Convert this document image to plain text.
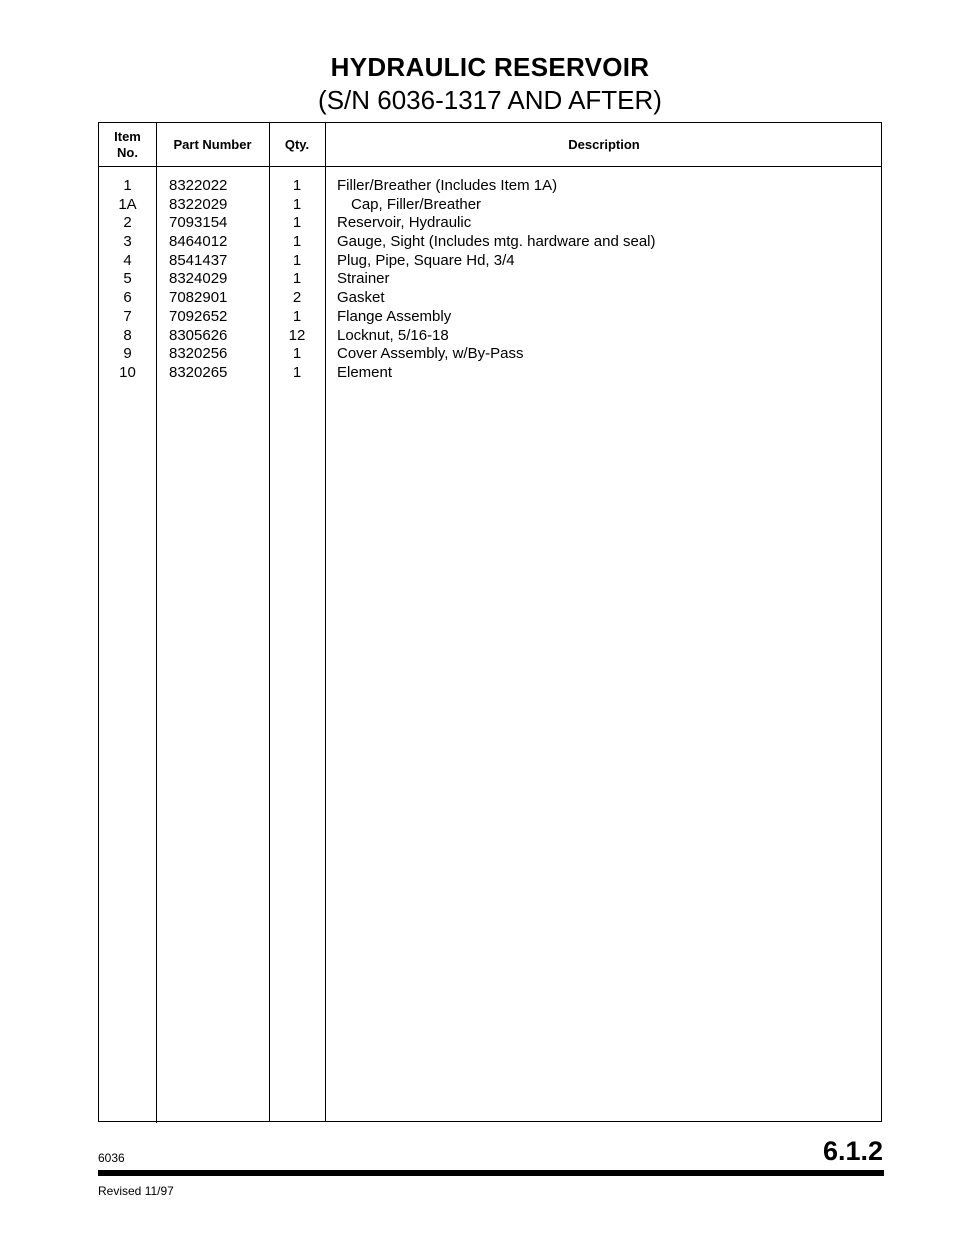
HYDRAULIC RESERVOIR
(S/N 6036-1317 AND AFTER)
Item
No.
Part Number	Qty.	Description
1	8322022	1	Filler/Breather (Includes Item 1A)
1A	8322029	1	Cap, Filler/Breather
2	7093154	1	Reservoir, Hydraulic
3	8464012	1	Gauge, Sight (Includes mtg. hardware and seal)
4	8541437	1	Plug, Pipe, Square Hd, 3/4
5	8324029	1	Strainer
6	7082901	2	Gasket
7	7092652	1	Flange Assembly
8	8305626	12	Locknut, 5/16-18
9	8320256	1	Cover Assembly, w/By-Pass
10	8320265	1	Element
6036	6.1.2
Revised 11/97
